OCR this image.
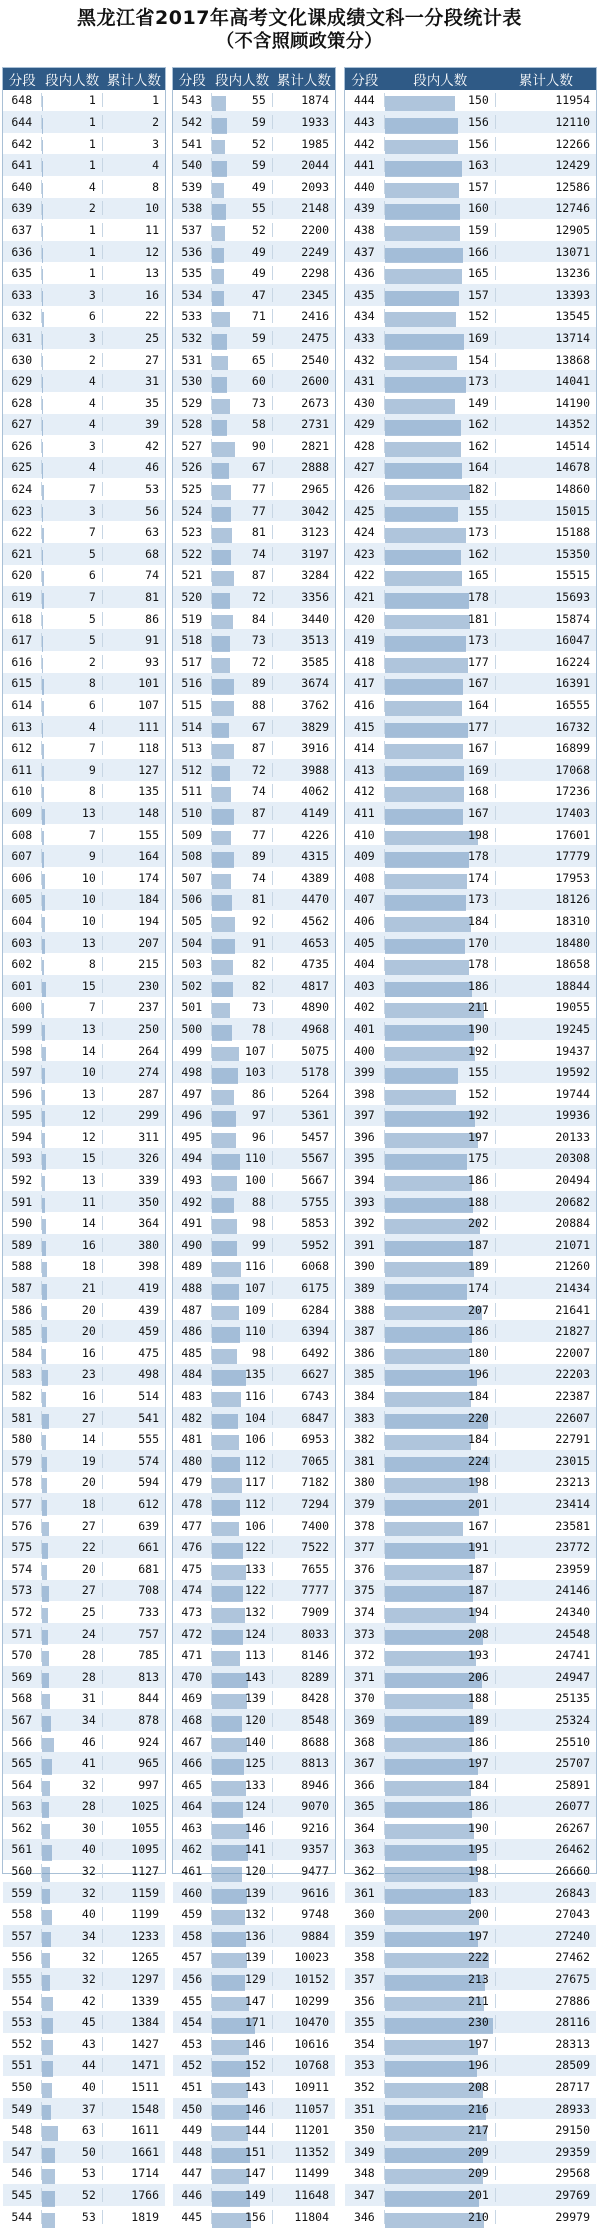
黑龙江省2017年高考文化课成绩文科一分段统计表
（不含照顾政策分）
分段 段内人数 累计人数
648	1	1
644	1	2
642	1	3
641	1	4
640	4	8
639	2	10
637	1	11
636	1	12
635	1	13
633	3	16
632	6	22
631	3	25
630	2	27
629	4	31
628	4	35
627	4	39
626	3	42
625	4	46
624	7	53
623	3	56
622	7	63
621	5	68
620	6	74
619	7	81
618	5	86
617	5	91
616	2	93
615	8	101
614	6	107
613	4	111
612	7	118
611	9	127
610	8	135
609	13	148
608	7	155
607	9	164
606	10	174
605	10	184
604	10	194
603	13	207
602	8	215
601	15	230
600	7	237
599	13	250
598	14	264
597	10	274
596	13	287
595	12	299
594	12	311
593	15	326
592	13	339
591	11	350
590	14	364
589	16	380
588	18	398
587	21	419
586	20	439
585	20	459
584	16	475
583	23	498
582	16	514
581	27	541
580	14	555
579	19	574
578	20	594
577	18	612
576	27	639
575	22	661
574	20	681
573	27	708
572	25	733
571	24	757
570	28	785
569	28	813
568	31	844
567	34	878
566	46	924
565	41	965
564	32	997
563	28	1025
562	30	1055
561	40	1095
560	32	1127
559	32	1159
558	40	1199
557	34	1233
556	32	1265
555	32	1297
554	42	1339
553	45	1384
552	43	1427
551	44	1471
550	40	1511
549	37	1548
548	63	1611
547	50	1661
546	53	1714
545	52	1766
544	53	1819
分段 段内人数 累计人数
543	55	1874
542	59	1933
541	52	1985
540	59	2044
539	49	2093
538	55	2148
537	52	2200
536	49	2249
535	49	2298
534	47	2345
533	71	2416
532	59	2475
531	65	2540
530	60	2600
529	73	2673
528	58	2731
527	90	2821
526	67	2888
525	77	2965
524	77	3042
523	81	3123
522	74	3197
521	87	3284
520	72	3356
519	84	3440
518	73	3513
517	72	3585
516	89	3674
515	88	3762
514	67	3829
513	87	3916
512	72	3988
511	74	4062
510	87	4149
509	77	4226
508	89	4315
507	74	4389
506	81	4470
505	92	4562
504	91	4653
503	82	4735
502	82	4817
501	73	4890
500	78	4968
499	107	5075
498	103	5178
497	86	5264
496	97	5361
495	96	5457
494	110	5567
493	100	5667
492	88	5755
491	98	5853
490	99	5952
489	116	6068
488	107	6175
487	109	6284
486	110	6394
485	98	6492
484	135	6627
483	116	6743
482	104	6847
481	106	6953
480	112	7065
479	117	7182
478	112	7294
477	106	7400
476	122	7522
475	133	7655
474	122	7777
473	132	7909
472	124	8033
471	113	8146
470	143	8289
469	139	8428
468	120	8548
467	140	8688
466	125	8813
465	133	8946
464	124	9070
463	146	9216
462	141	9357
461	120	9477
460	139	9616
459	132	9748
458	136	9884
457	139	10023
456	129	10152
455	147	10299
454	171	10470
453	146	10616
452	152	10768
451	143	10911
450	146	11057
449	144	11201
448	151	11352
447	147	11499
446	149	11648
445	156	11804
分段	段内人数	累计人数
444	150	11954
443	156	12110
442	156	12266
441	163	12429
440	157	12586
439	160	12746
438	159	12905
437	166	13071
436	165	13236
435	157	13393
434	152	13545
433	169	13714
432	154	13868
431	173	14041
430	149	14190
429	162	14352
428	162	14514
427	164	14678
426	182	14860
425	155	15015
424	173	15188
423	162	15350
422	165	15515
421	178	15693
420	181	15874
419	173	16047
418	177	16224
417	167	16391
416	164	16555
415	177	16732
414	167	16899
413	169	17068
412	168	17236
411	167	17403
410	198	17601
409	178	17779
408	174	17953
407	173	18126
406	184	18310
405	170	18480
404	178	18658
403	186	18844
402	211	19055
401	190	19245
400	192	19437
399	155	19592
398	152	19744
397	192	19936
396	197	20133
395	175	20308
394	186	20494
393	188	20682
392	202	20884
391	187	21071
390	189	21260
389	174	21434
388	207	21641
387	186	21827
386	180	22007
385	196	22203
384	184	22387
383	220	22607
382	184	22791
381	224	23015
380	198	23213
379	201	23414
378	167	23581
377	191	23772
376	187	23959
375	187	24146
374	194	24340
373	208	24548
372	193	24741
371	206	24947
370	188	25135
369	189	25324
368	186	25510
367	197	25707
366	184	25891
365	186	26077
364	190	26267
363	195	26462
362	198	26660
361	183	26843
360	200	27043
359	197	27240
358	222	27462
357	213	27675
356	211	27886
355	230	28116
354	197	28313
353	196	28509
352	208	28717
351	216	28933
350	217	29150
349	209	29359
348	209	29568
347	201	29769
346	210	29979
